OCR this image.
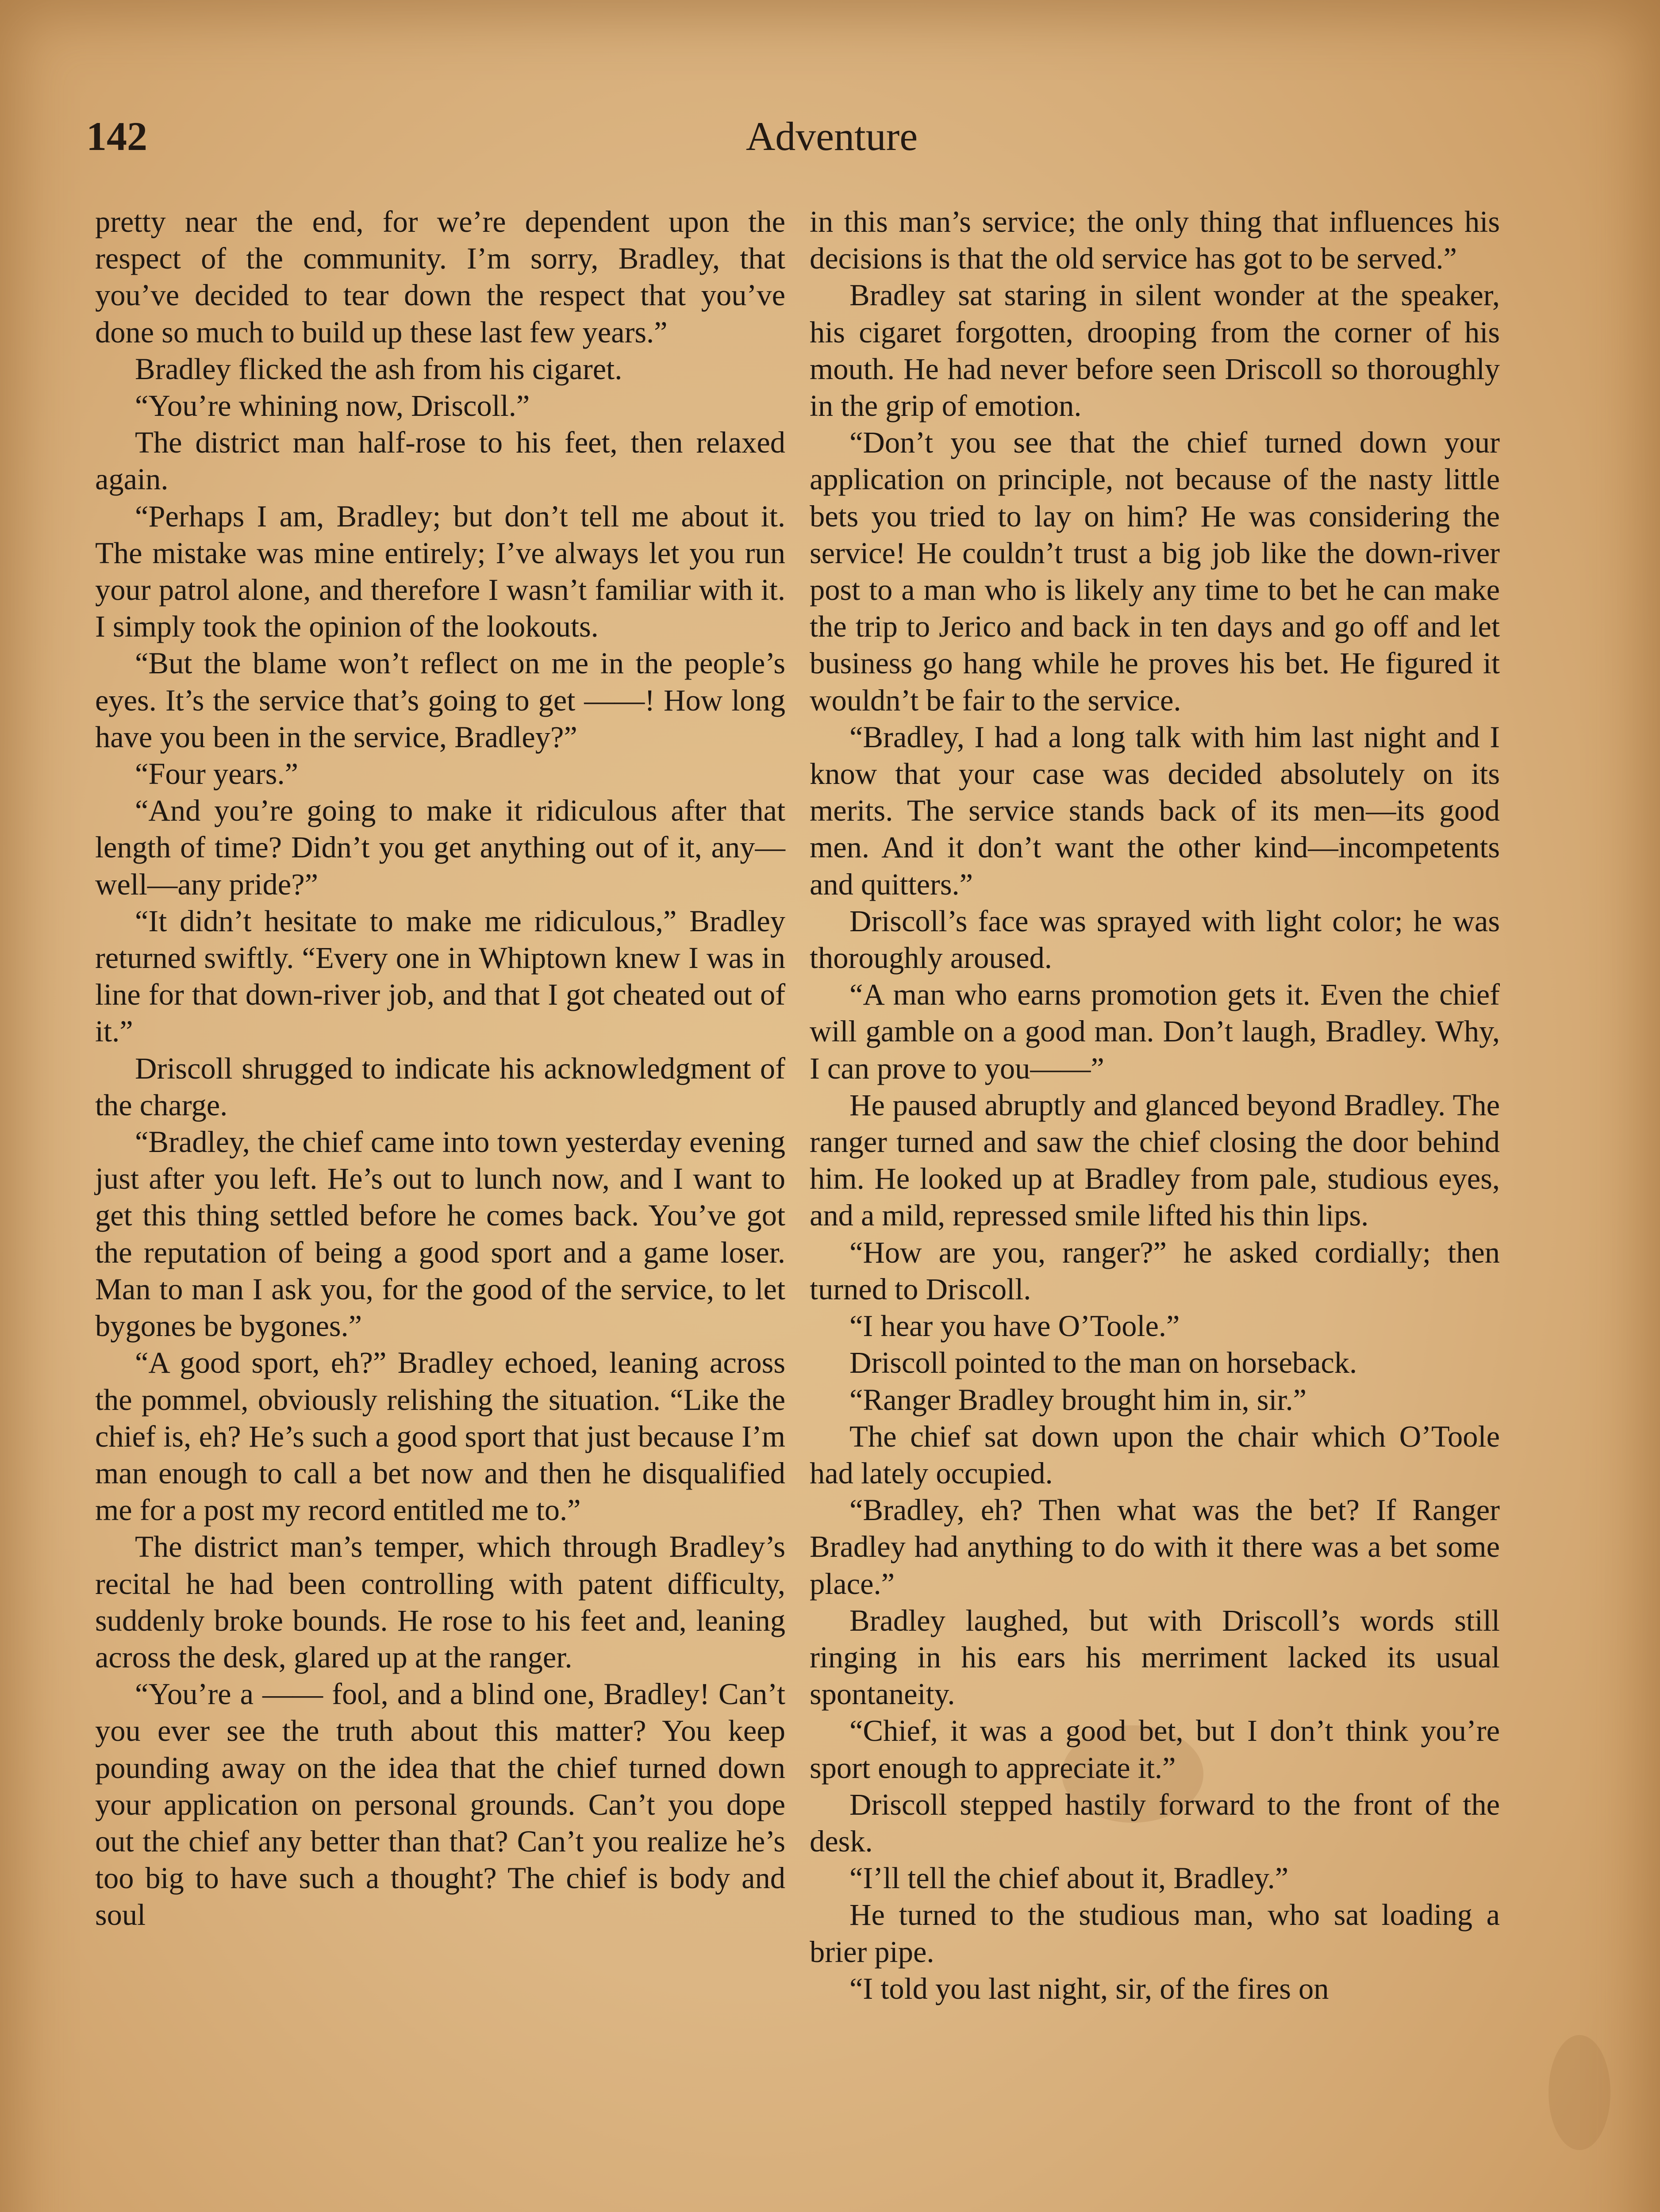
142	Adventure

pretty near the end, for we’re dependent upon the respect of the community. I’m sorry, Bradley, that you’ve decided to tear down the respect that you’ve done so much to build up these last few years.”

Bradley flicked the ash from his cigaret.

“You’re whining now, Driscoll.”

The district man half-rose to his feet, then relaxed again.

“Perhaps I am, Bradley; but don’t tell me about it. The mistake was mine entirely; I’ve always let you run your patrol alone, and therefore I wasn’t familiar with it. I simply took the opinion of the lookouts.

“But the blame won’t reflect on me in the people’s eyes. It’s the service that’s going to get ——! How long have you been in the service, Bradley?”

“Four years.”

“And you’re going to make it ridiculous after that length of time? Didn’t you get anything out of it, any—well—any pride?”

“It didn’t hesitate to make me ridiculous,” Bradley returned swiftly. “Every one in Whiptown knew I was in line for that down-river job, and that I got cheated out of it.”

Driscoll shrugged to indicate his acknowledgment of the charge.

“Bradley, the chief came into town yesterday evening just after you left. He’s out to lunch now, and I want to get this thing settled before he comes back. You’ve got the reputation of being a good sport and a game loser. Man to man I ask you, for the good of the service, to let bygones be bygones.”

“A good sport, eh?” Bradley echoed, leaning across the pommel, obviously relishing the situation. “Like the chief is, eh? He’s such a good sport that just because I’m man enough to call a bet now and then he disqualified me for a post my record entitled me to.”

The district man’s temper, which through Bradley’s recital he had been controlling with patent difficulty, suddenly broke bounds. He rose to his feet and, leaning across the desk, glared up at the ranger.

“You’re a —— fool, and a blind one, Bradley! Can’t you ever see the truth about this matter? You keep pounding away on the idea that the chief turned down your application on personal grounds. Can’t you dope out the chief any better than that? Can’t you realize he’s too big to have such a thought? The chief is body and soul

in this man’s service; the only thing that influences his decisions is that the old service has got to be served.”

Bradley sat staring in silent wonder at the speaker, his cigaret forgotten, drooping from the corner of his mouth. He had never before seen Driscoll so thoroughly in the grip of emotion.

“Don’t you see that the chief turned down your application on principle, not because of the nasty little bets you tried to lay on him? He was considering the service! He couldn’t trust a big job like the down-river post to a man who is likely any time to bet he can make the trip to Jerico and back in ten days and go off and let business go hang while he proves his bet. He figured it wouldn’t be fair to the service.

“Bradley, I had a long talk with him last night and I know that your case was decided absolutely on its merits. The service stands back of its men—its good men. And it don’t want the other kind—incompetents and quitters.”

Driscoll’s face was sprayed with light color; he was thoroughly aroused.

“A man who earns promotion gets it. Even the chief will gamble on a good man. Don’t laugh, Bradley. Why, I can prove to you——”

He paused abruptly and glanced beyond Bradley. The ranger turned and saw the chief closing the door behind him. He looked up at Bradley from pale, studious eyes, and a mild, repressed smile lifted his thin lips.

“How are you, ranger?” he asked cordially; then turned to Driscoll.

“I hear you have O’Toole.”

Driscoll pointed to the man on horseback.

“Ranger Bradley brought him in, sir.”

The chief sat down upon the chair which O’Toole had lately occupied.

“Bradley, eh? Then what was the bet? If Ranger Bradley had anything to do with it there was a bet some place.”

Bradley laughed, but with Driscoll’s words still ringing in his ears his merriment lacked its usual spontaneity.

“Chief, it was a good bet, but I don’t think you’re sport enough to appreciate it.”

Driscoll stepped hastily forward to the front of the desk.

“I’ll tell the chief about it, Bradley.”

He turned to the studious man, who sat loading a brier pipe.

“I told you last night, sir, of the fires on
